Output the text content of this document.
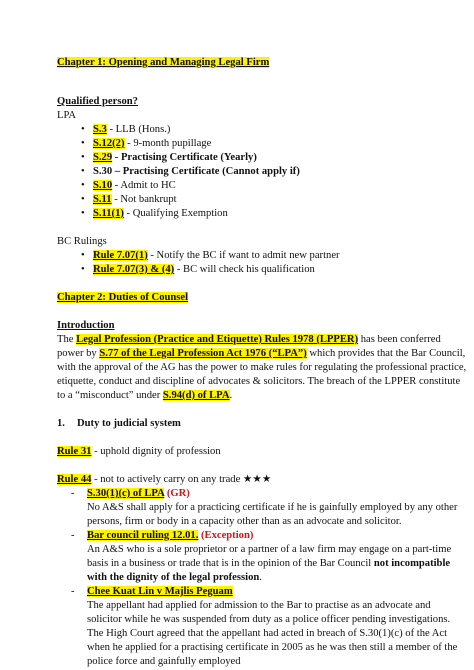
Chapter 1: Opening and Managing Legal Firm
Qualified person?
LPA
• S.3 - LLB (Hons.)
• S.12(2) - 9-month pupillage
• S.29 - Practising Certificate (Yearly)
• S.30 – Practising Certificate (Cannot apply if)
• S.10 - Admit to HC
• S.11 - Not bankrupt
• S.11(1) - Qualifying Exemption
BC Rulings
• Rule 7.07(1) - Notify the BC if want to admit new partner
• Rule 7.07(3) & (4) - BC will check his qualification
Chapter 2: Duties of Counsel
Introduction
The Legal Profession (Practice and Etiquette) Rules 1978 (LPPER) has been conferred
power by S.77 of the Legal Profession Act 1976 (“LPA”) which provides that the Bar Council,
with the approval of the AG has the power to make rules for regulating the professional practice,
etiquette, conduct and discipline of advocates & solicitors. The breach of the LPPER constitute
to a “misconduct” under S.94(d) of LPA.
1. Duty to judicial system
Rule 31 - uphold dignity of profession
Rule 44 - not to actively carry on any trade ★★★
- S.30(1)(c) of LPA (GR)
No A&S shall apply for a practicing certificate if he is gainfully employed by any other
persons, firm or body in a capacity other than as an advocate and solicitor.
- Bar council ruling 12.01. (Exception)
An A&S who is a sole proprietor or a partner of a law firm may engage on a part-time
basis in a business or trade that is in the opinion of the Bar Council not incompatible
with the dignity of the legal profession.
- Chee Kuat Lin v Majlis Peguam
The appellant had applied for admission to the Bar to practise as an advocate and
solicitor while he was suspended from duty as a police officer pending investigations.
The High Court agreed that the appellant had acted in breach of S.30(1)(c) of the Act
when he applied for a practising certificate in 2005 as he was then still a member of the
police force and gainfully employed
